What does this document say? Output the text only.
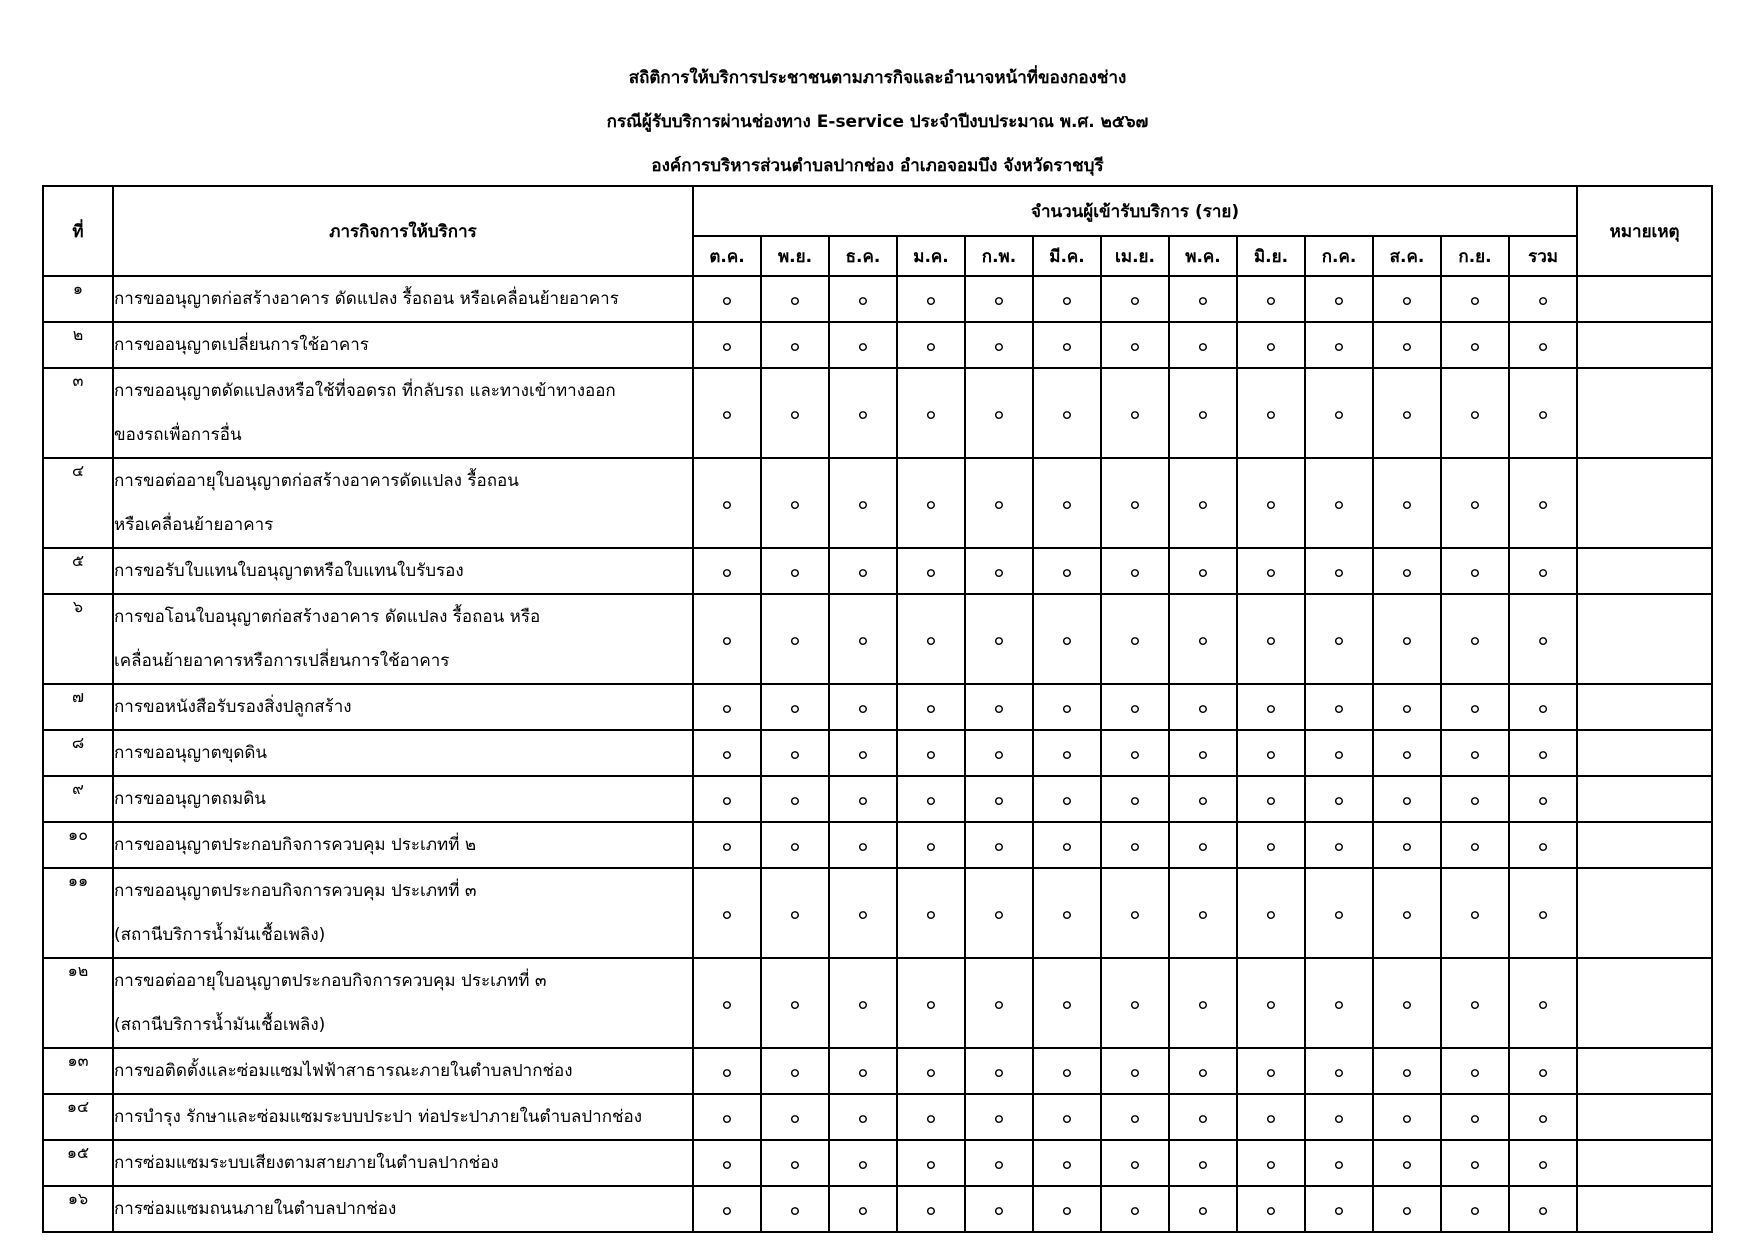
สถิติการให้บริการประชาชนตามภารกิจและอำนาจหน้าที่ของกองช่าง
กรณีผู้รับบริการผ่านช่องทาง E-service ประจำปีงบประมาณ พ.ศ. ๒๕๖๗
องค์การบริหารส่วนตำบลปากช่อง อำเภอจอมบึง จังหวัดราชบุรี
ที่	ภารกิจการให้บริการ	จำนวนผู้เข้ารับบริการ (ราย)													หมายเหตุ
		ต.ค.	พ.ย.	ธ.ค.	ม.ค.	ก.พ.	มี.ค.	เม.ย.	พ.ค.	มิ.ย.	ก.ค.	ส.ค.	ก.ย.	รวม	
๑	การขออนุญาตก่อสร้างอาคาร ดัดแปลง รื้อถอน หรือเคลื่อนย้ายอาคาร	๐	๐	๐	๐	๐	๐	๐	๐	๐	๐	๐	๐	๐	
๒	การขออนุญาตเปลี่ยนการใช้อาคาร	๐	๐	๐	๐	๐	๐	๐	๐	๐	๐	๐	๐	๐	
๓	การขออนุญาตดัดแปลงหรือใช้ที่จอดรถ ที่กลับรถ และทางเข้าทางออก
ของรถเพื่อการอื่น	๐	๐	๐	๐	๐	๐	๐	๐	๐	๐	๐	๐	๐	
๔	การขอต่ออายุใบอนุญาตก่อสร้างอาคารดัดแปลง รื้อถอน
หรือเคลื่อนย้ายอาคาร	๐	๐	๐	๐	๐	๐	๐	๐	๐	๐	๐	๐	๐	
๕	การขอรับใบแทนใบอนุญาตหรือใบแทนใบรับรอง	๐	๐	๐	๐	๐	๐	๐	๐	๐	๐	๐	๐	๐	
๖	การขอโอนใบอนุญาตก่อสร้างอาคาร ดัดแปลง รื้อถอน หรือ
เคลื่อนย้ายอาคารหรือการเปลี่ยนการใช้อาคาร	๐	๐	๐	๐	๐	๐	๐	๐	๐	๐	๐	๐	๐	
๗	การขอหนังสือรับรองสิ่งปลูกสร้าง	๐	๐	๐	๐	๐	๐	๐	๐	๐	๐	๐	๐	๐	
๘	การขออนุญาตขุดดิน	๐	๐	๐	๐	๐	๐	๐	๐	๐	๐	๐	๐	๐	
๙	การขออนุญาตถมดิน	๐	๐	๐	๐	๐	๐	๐	๐	๐	๐	๐	๐	๐	
๑๐	การขออนุญาตประกอบกิจการควบคุม ประเภทที่ ๒	๐	๐	๐	๐	๐	๐	๐	๐	๐	๐	๐	๐	๐	
๑๑	การขออนุญาตประกอบกิจการควบคุม ประเภทที่ ๓
(สถานีบริการน้ำมันเชื้อเพลิง)	๐	๐	๐	๐	๐	๐	๐	๐	๐	๐	๐	๐	๐	
๑๒	การขอต่ออายุใบอนุญาตประกอบกิจการควบคุม ประเภทที่ ๓
(สถานีบริการน้ำมันเชื้อเพลิง)	๐	๐	๐	๐	๐	๐	๐	๐	๐	๐	๐	๐	๐	
๑๓	การขอติดตั้งและซ่อมแซมไฟฟ้าสาธารณะภายในตำบลปากช่อง	๐	๐	๐	๐	๐	๐	๐	๐	๐	๐	๐	๐	๐	
๑๔	การบำรุง รักษาและซ่อมแซมระบบประปา ท่อประปาภายในตำบลปากช่อง	๐	๐	๐	๐	๐	๐	๐	๐	๐	๐	๐	๐	๐	
๑๕	การซ่อมแซมระบบเสียงตามสายภายในตำบลปากช่อง	๐	๐	๐	๐	๐	๐	๐	๐	๐	๐	๐	๐	๐	
๑๖	การซ่อมแซมถนนภายในตำบลปากช่อง	๐	๐	๐	๐	๐	๐	๐	๐	๐	๐	๐	๐	๐	
